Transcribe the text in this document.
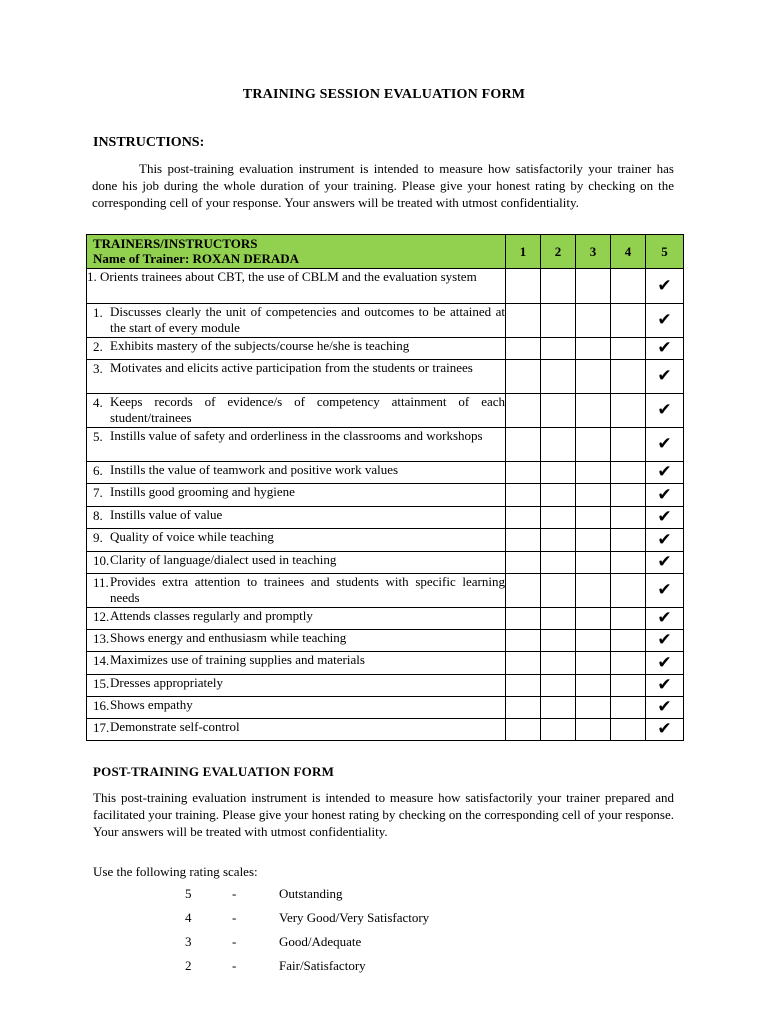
TRAINING SESSION EVALUATION FORM
INSTRUCTIONS:

This post-training evaluation instrument is intended to measure how satisfactorily your trainer has done his job during the whole duration of your training. Please give your honest rating by checking on the corresponding cell of your response. Your answers will be treated with utmost confidentiality.

TRAINERS/INSTRUCTORS
Name of Trainer: ROXAN DERADA	1	2	3	4	5

1. Orients trainees about CBT, the use of CBLM and the evaluation system					✔

1. Discusses clearly the unit of competencies and outcomes to be attained at the start of every module					✔

2. Exhibits mastery of the subjects/course he/she is teaching					✔

3. Motivates and elicits active participation from the students or trainees					✔

4. Keeps records of evidence/s of competency attainment of each student/trainees					✔

5. Instills value of safety and orderliness in the classrooms and workshops					✔

6. Instills the value of teamwork and positive work values					✔

7. Instills good grooming and hygiene					✔

8. Instills value of value					✔

9. Quality of voice while teaching					✔

10. Clarity of language/dialect used in teaching					✔

11. Provides extra attention to trainees and students with specific learning needs					✔

12. Attends classes regularly and promptly					✔

13. Shows energy and enthusiasm while teaching					✔

14. Maximizes use of training supplies and materials					✔

15. Dresses appropriately					✔

16. Shows empathy					✔

17. Demonstrate self-control					✔
POST-TRAINING EVALUATION FORM

This post-training evaluation instrument is intended to measure how satisfactorily your trainer prepared and facilitated your training. Please give your honest rating by checking on the corresponding cell of your response. Your answers will be treated with utmost confidentiality.

Use the following rating scales:
5	-	Outstanding
4	-	Very Good/Very Satisfactory
3	-	Good/Adequate
2	-	Fair/Satisfactory
